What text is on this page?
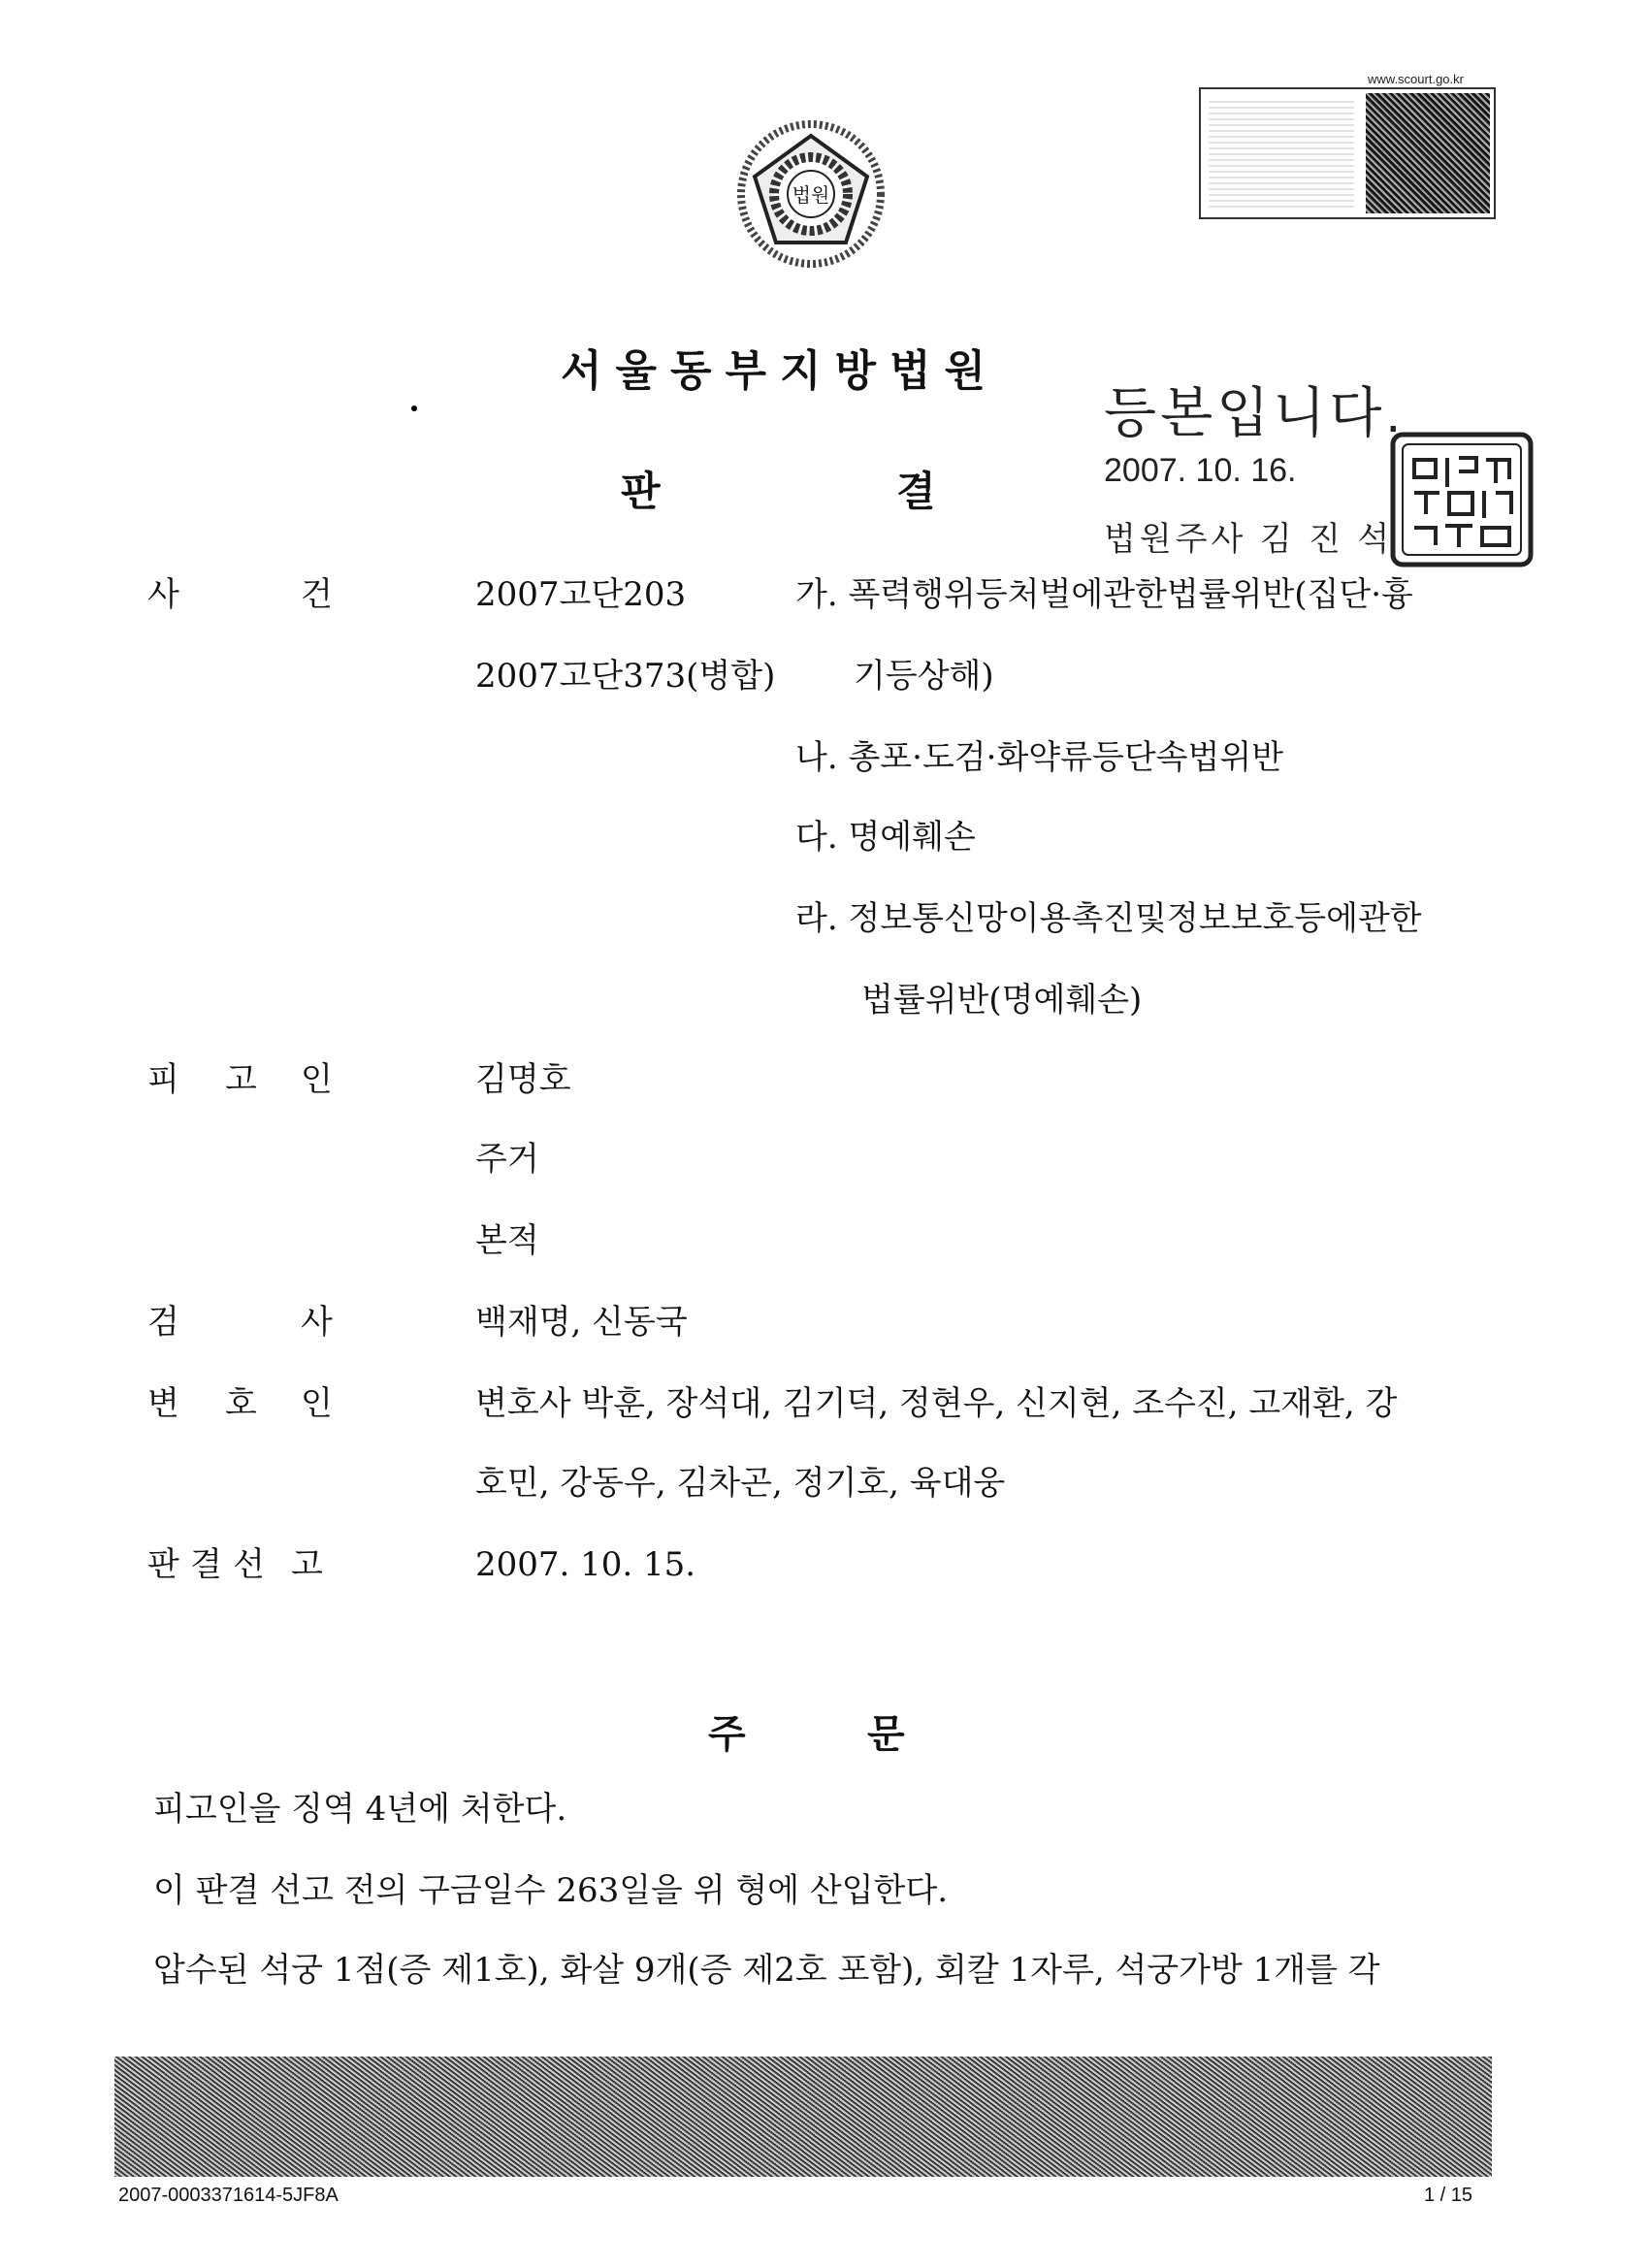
법원
www.scourt.go.kr
서울동부지방법원
등본입니다.
2007. 10. 16.
법원주사 김 진 석
판	결
사	건	2007고단203
2007고단373(병합)
가. 폭력행위등처벌에관한법률위반(집단·흉
기등상해)
나. 총포·도검·화약류등단속법위반
다. 명예훼손
라. 정보통신망이용촉진및정보보호등에관한
법률위반(명예훼손)
피 고 인	김명호
주거
본적
검	사	백재명, 신동국
변 호 인	변호사 박훈, 장석대, 김기덕, 정현우, 신지현, 조수진, 고재환, 강
호민, 강동우, 김차곤, 정기호, 육대웅
판 결 선 고	2007. 10. 15.
주	문
피고인을 징역 4년에 처한다.
이 판결 선고 전의 구금일수 263일을 위 형에 산입한다.
압수된 석궁 1점(증 제1호), 화살 9개(증 제2호 포함), 회칼 1자루, 석궁가방 1개를 각
2007-0003371614-5JF8A	1 / 15
